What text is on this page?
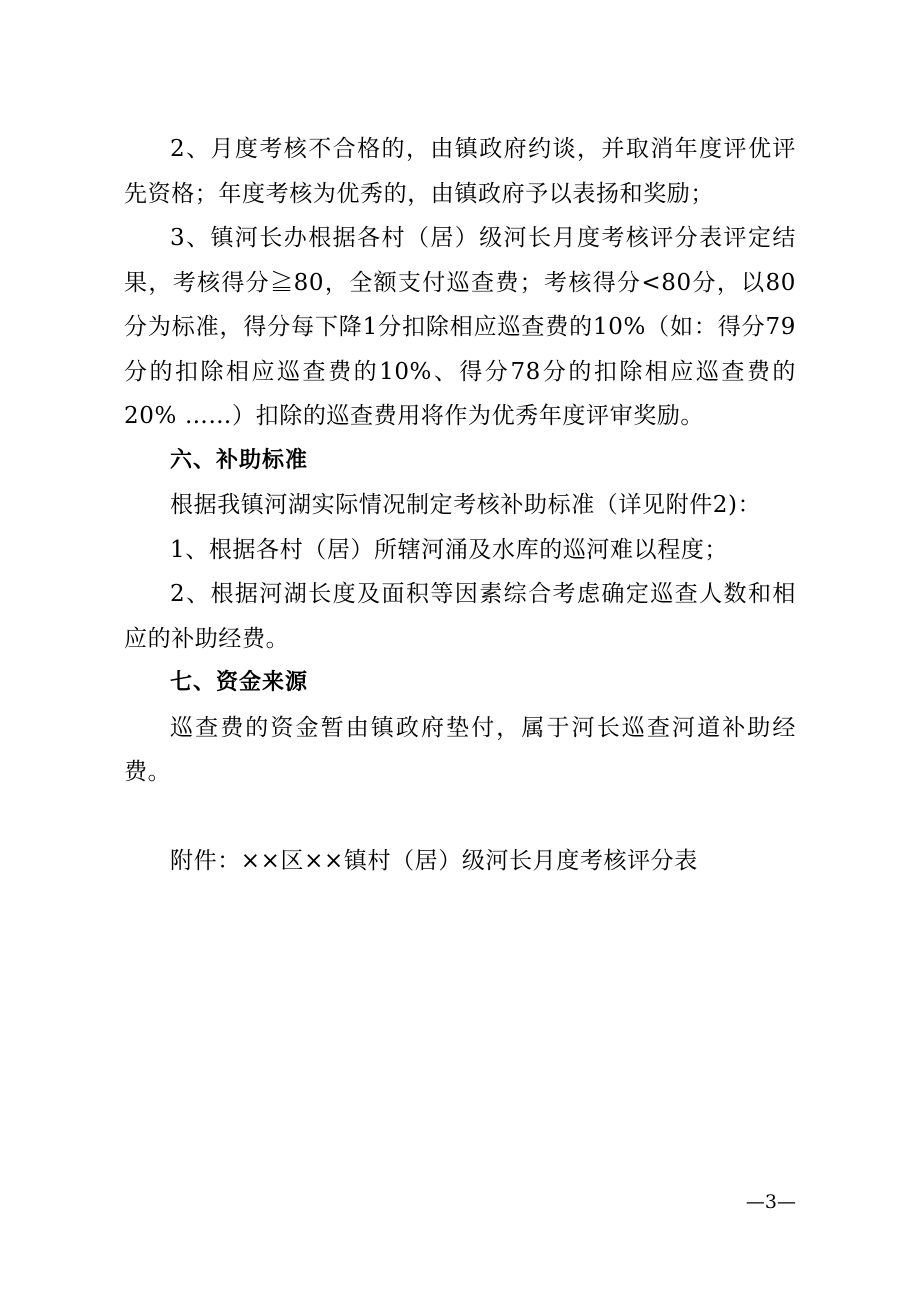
2、月度考核不合格的，由镇政府约谈，并取消年度评优评先资格；年度考核为优秀的，由镇政府予以表扬和奖励；

3、镇河长办根据各村（居）级河长月度考核评分表评定结果，考核得分≧80，全额支付巡查费；考核得分<80分，以80分为标准，得分每下降1分扣除相应巡查费的10%（如：得分79分的扣除相应巡查费的10%、得分78分的扣除相应巡查费的20% ……）扣除的巡查费用将作为优秀年度评审奖励。

六、补助标准

根据我镇河湖实际情况制定考核补助标准（详见附件2)：

1、根据各村（居）所辖河涌及水库的巡河难以程度；

2、根据河湖长度及面积等因素综合考虑确定巡查人数和相应的补助经费。

七、资金来源

巡查费的资金暂由镇政府垫付，属于河长巡查河道补助经费。

附件：××区××镇村（居）级河长月度考核评分表

—3—
